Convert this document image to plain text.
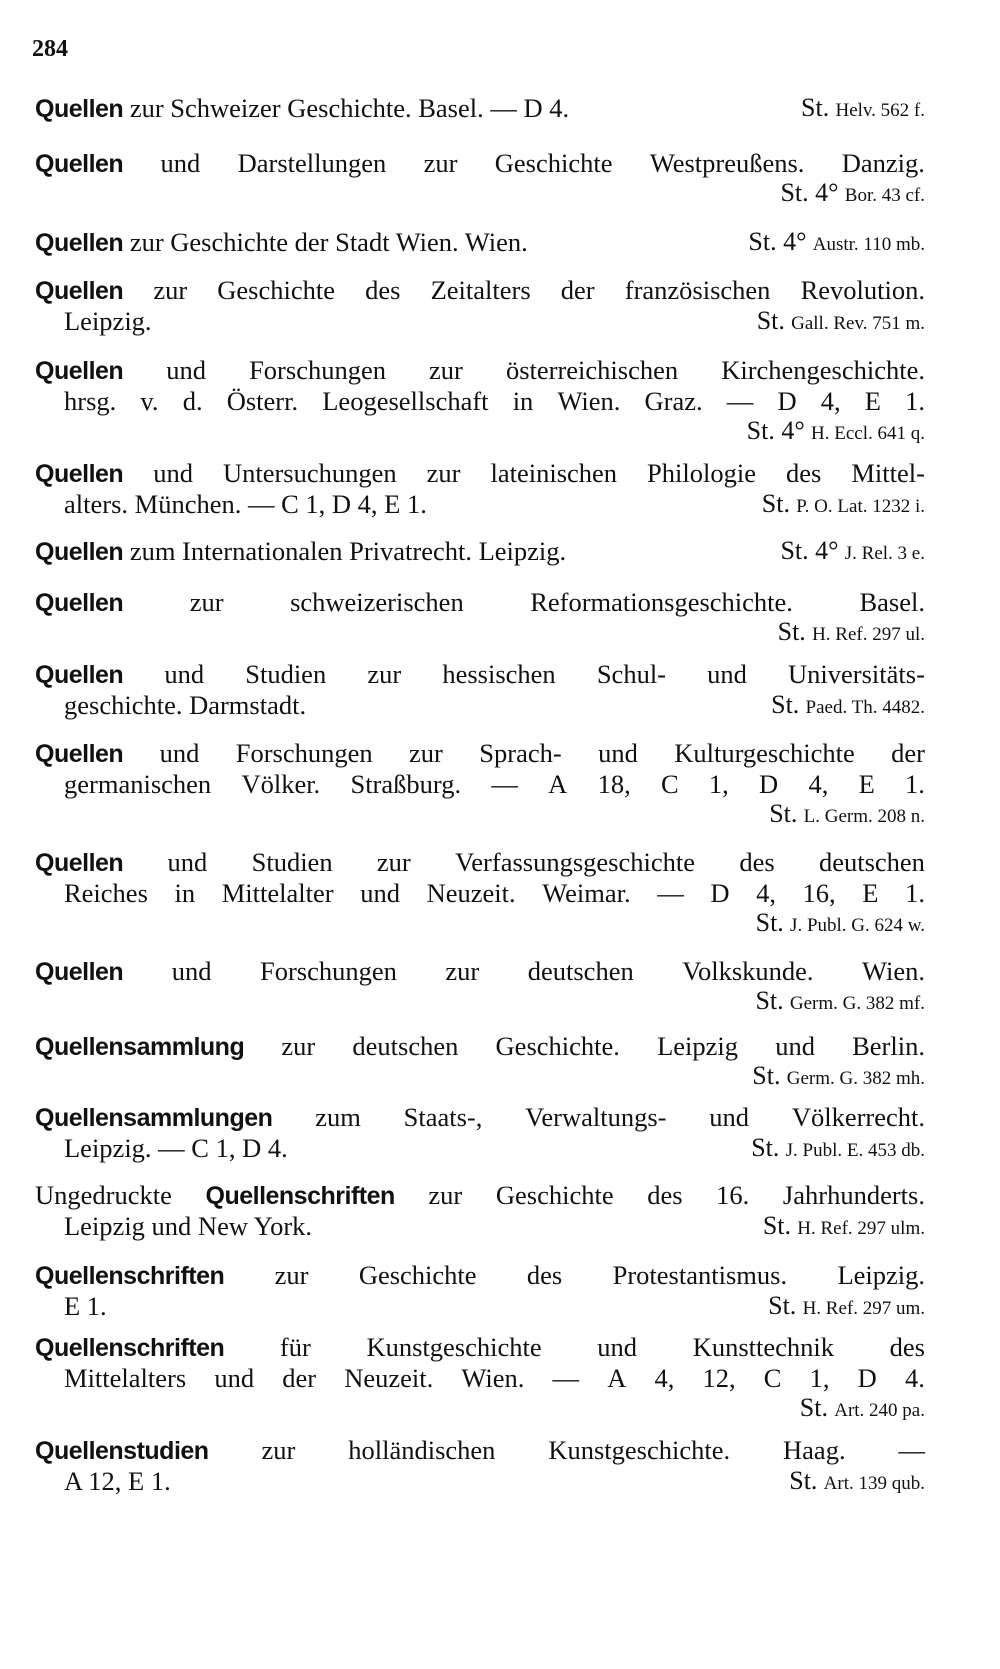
284
Quellen zur Schweizer Geschichte. Basel. — D 4.	St. Helv. 562 f.
Quellen und Darstellungen zur Geschichte Westpreußens. Danzig.
St. 4° Bor. 43 cf.
Quellen zur Geschichte der Stadt Wien. Wien.	St. 4° Austr. 110 mb.
Quellen zur Geschichte des Zeitalters der französischen Revolution.
Leipzig.	St. Gall. Rev. 751 m.
Quellen und Forschungen zur österreichischen Kirchengeschichte.
hrsg. v. d. Österr. Leogesellschaft in Wien. Graz. — D 4, E 1.
St. 4° H. Eccl. 641 q.
Quellen und Untersuchungen zur lateinischen Philologie des Mittel-
alters. München. — C 1, D 4, E 1.	St. P. O. Lat. 1232 i.
Quellen zum Internationalen Privatrecht. Leipzig.	St. 4° J. Rel. 3 e.
Quellen	zur	schweizerischen	Reformationsgeschichte.	Basel.
St. H. Ref. 297 ul.
Quellen und Studien zur hessischen Schul- und Universitäts-
geschichte. Darmstadt.	St. Paed. Th. 4482.
Quellen und Forschungen zur Sprach- und Kulturgeschichte der
germanischen Völker. Straßburg. — A 18, C 1, D 4, E 1.
St. L. Germ. 208 n.
Quellen und Studien zur Verfassungsgeschichte des deutschen
Reiches in Mittelalter und Neuzeit. Weimar. — D 4, 16, E 1.
St. J. Publ. G. 624 w.
Quellen und Forschungen zur deutschen Volkskunde. Wien.
St. Germ. G. 382 mf.
Quellensammlung zur deutschen Geschichte. Leipzig und Berlin.
St. Germ. G. 382 mh.
Quellensammlungen zum Staats-, Verwaltungs- und Völkerrecht.
Leipzig. — C 1, D 4.	St. J. Publ. E. 453 db.
Ungedruckte Quellenschriften zur Geschichte des 16. Jahrhunderts.
Leipzig und New York.	St. H. Ref. 297 ulm.
Quellenschriften zur Geschichte des Protestantismus. Leipzig.
E 1.	St. H. Ref. 297 um.
Quellenschriften für Kunstgeschichte und Kunsttechnik des
Mittelalters und der Neuzeit. Wien. — A 4, 12, C 1, D 4.
St. Art. 240 pa.
Quellenstudien zur holländischen Kunstgeschichte. Haag. —
A 12, E 1.	St. Art. 139 qub.
